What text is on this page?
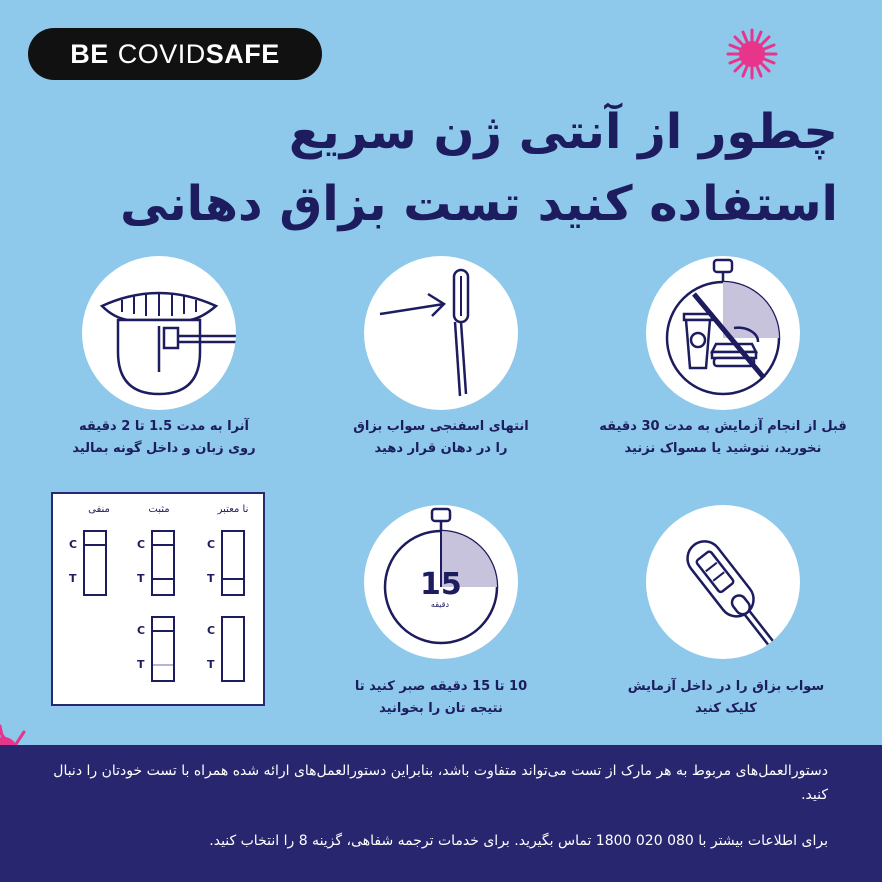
BE COVID SAFE
چطور از آنتی ژن سریع استفاده کنید تست بزاق دهانی
قبل از انجام آزمایش به مدت 30 دقیقه نخورید، ننوشید یا مسواک نزنید
انتهای اسفنجی سواب بزاق را در دهان قرار دهید
آنرا به مدت 1.5 تا 2 دقیقه روی زبان و داخل گونه بمالید
سواب بزاق را در داخل آزمایش کلیک کنید
15
دقیقه
10 تا 15 دقیقه صبر کنید تا نتیجه تان را بخوانید
نا معتبر
مثبت
منفی
C
T
C
T
C
T
C
T
C
T

دستورالعمل‌های مربوط به هر مارک از تست می‌تواند متفاوت باشد، بنابراین دستورالعمل‌های ارائه شده همراه با تست خودتان را دنبال کنید.

برای اطلاعات بیشتر با 080 020 1800 تماس بگیرید. برای خدمات ترجمه شفاهی، گزینه 8 را انتخاب کنید.
